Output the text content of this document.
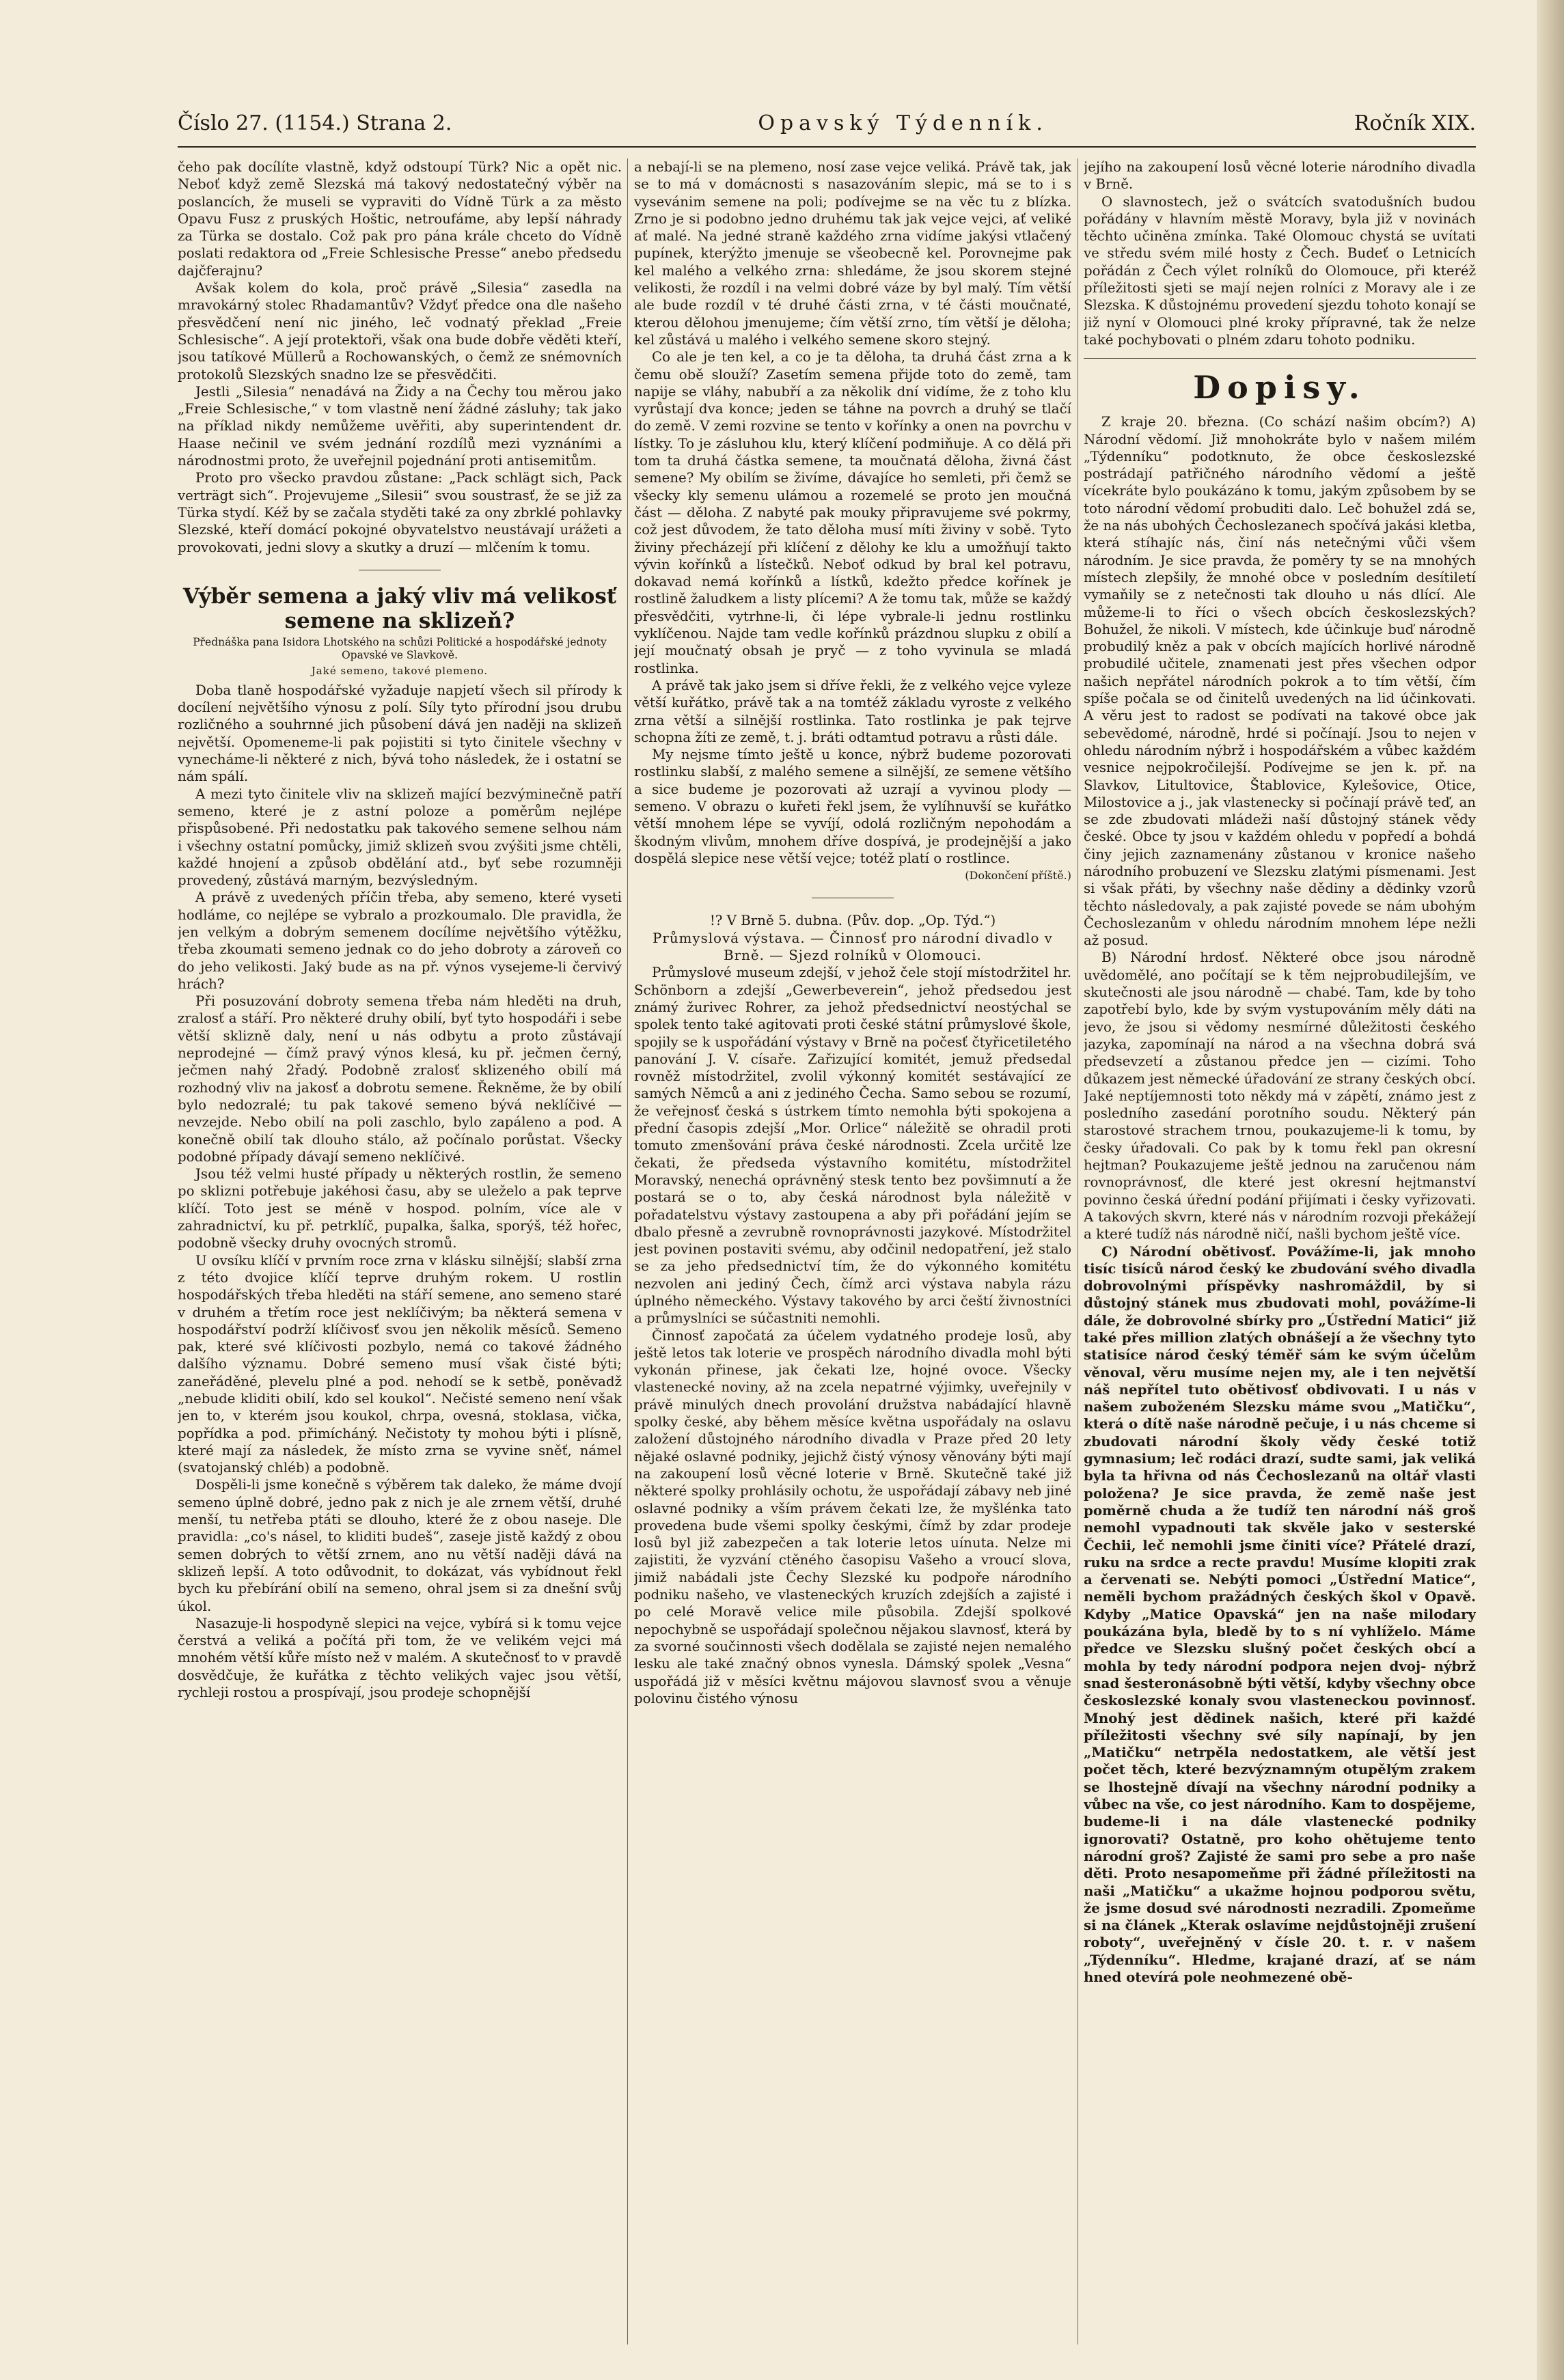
Číslo 27. (1154.) Strana 2.	Opavský Týdenník.	Ročník XIX.

čeho pak docílíte vlastně, když odstoupí Türk? Nic a opět nic. Neboť když země Slezská má takový nedostatečný výběr na poslancích, že museli se vypraviti do Vídně Türk a za město Opavu Fusz z pruských Hoštic, netroufáme, aby lepší náhrady za Türka se dostalo. Což pak pro pána krále chceto do Vídně poslati redaktora od „Freie Schlesische Presse“ anebo předsedu dajčferajnu?

Avšak kolem do kola, proč právě „Silesia“ zasedla na mravokárný stolec Rhadamantův? Vždyť předce ona dle našeho přesvědčení není nic jiného, leč vodnatý překlad „Freie Schlesische“. A její protektoři, však ona bude dobře věděti kteří, jsou tatíkové Müllerů a Rochowanských, o čemž ze snémovních protokolů Slezských snadno lze se přesvědčiti.

Jestli „Silesia“ nenadává na Židy a na Čechy tou měrou jako „Freie Schlesische,“ v tom vlastně není žádné zásluhy; tak jako na příklad nikdy nemůžeme uvěřiti, aby superintendent dr. Haase nečinil ve svém jednání rozdílů mezi vyznáními a národnostmi proto, že uveřejnil pojednání proti antisemitům.

Proto pro všecko pravdou zůstane: „Pack schlägt sich, Pack verträgt sich“. Projevujeme „Silesii“ svou soustrasť, že se již za Türka stydí. Kéž by se začala styděti také za ony zbrklé pohlavky Slezské, kteří domácí pokojné obyvatelstvo neustávají urážeti a provokovati, jedni slovy a skutky a druzí — mlčením k tomu.

Výběr semena a jaký vliv má velikosť semene na sklizeň?
Přednáška pana Isidora Lhotského na schůzi Politické a hospodářské jednoty Opavské ve Slavkově.
Jaké semeno, takové plemeno.

Doba tlaně hospodářské vyžaduje napjetí všech sil přírody k docílení největšího výnosu z polí. Síly tyto přírodní jsou drubu rozličného a souhrnné jich působení dává jen naději na sklizeň největší. Opomeneme-li pak pojistiti si tyto činitele všechny v vynecháme-li některé z nich, bývá toho následek, že i ostatní se nám spálí.

A mezi tyto činitele vliv na sklizeň mající bezvýminečně patří semeno, které je z astní poloze a poměrům nejlépe přispůsobené. Při nedostatku pak takového semene selhou nám i všechny ostatní pomůcky, jimiž sklizeň svou zvýšiti jsme chtěli, každé hnojení a způsob obdělání atd., byť sebe rozumněji provedený, zůstává marným, bezvýsledným.

A právě z uvedených příčin třeba, aby semeno, které vyseti hodláme, co nejlépe se vybralo a prozkoumalo. Dle pravidla, že jen velkým a dobrým semenem docílíme největšího výtěžku, třeba zkoumati semeno jednak co do jeho dobroty a zároveň co do jeho velikosti. Jaký bude as na př. výnos vysejeme-li červivý hrách?

Při posuzování dobroty semena třeba nám hleděti na druh, zralosť a stáří. Pro některé druhy obilí, byť tyto hospodáři i sebe větší sklizně daly, není u nás odbytu a proto zůstávají neprodejné — čímž pravý výnos klesá, ku př. ječmen černý, ječmen nahý 2řadý. Podobně zralosť sklizeného obilí má rozhodný vliv na jakosť a dobrotu semene. Řekněme, že by obilí bylo nedozralé; tu pak takové semeno bývá neklíčivé — nevzejde. Nebo obilí na poli zaschlo, bylo zapáleno a pod. A konečně obilí tak dlouho stálo, až počínalo porůstat. Všecky podobné případy dávají semeno neklíčivé.

Jsou též velmi husté případy u některých rostlin, že semeno po sklizni potřebuje jakéhosi času, aby se uleželo a pak teprve klíčí. Toto jest se méně v hospod. polním, více ale v zahradnictví, ku př. petrklíč, pupalka, šalka, sporýš, též hořec, podobně všecky druhy ovocných stromů.

U ovsíku klíčí v prvním roce zrna v klásku silnější; slabší zrna z této dvojice klíčí teprve druhým rokem. U rostlin hospodářských třeba hleděti na stáří semene, ano semeno staré v druhém a třetím roce jest neklíčivým; ba některá semena v hospodářství podrží klíčivosť svou jen několik měsíců. Semeno pak, které své klíčivosti pozbylo, nemá co takové žádného dalšího významu. Dobré semeno musí však čisté býti; zaneřáděné, plevelu plné a pod. nehodí se k setbě, poněvadž „nebude kliditi obilí, kdo sel koukol“. Nečisté semeno není však jen to, v kterém jsou koukol, chrpa, ovesná, stoklasa, vička, popřídka a pod. přimícháný. Nečistoty ty mohou býti i plísně, které mají za následek, že místo zrna se vyvine sněť, námel (svatojanský chléb) a podobně.

Dospěli-li jsme konečně s výběrem tak daleko, že máme dvojí semeno úplně dobré, jedno pak z nich je ale zrnem větší, druhé menší, tu netřeba ptáti se dlouho, které že z obou naseje. Dle pravidla: „co's násel, to kliditi budeš“, zaseje jistě každý z obou semen dobrých to větší zrnem, ano nu větší naději dává na sklizeň lepší. A toto odůvodnit, to dokázat, vás vybídnout řekl bych ku přebírání obilí na semeno, ohral jsem si za dnešní svůj úkol.

Nasazuje-li hospodyně slepici na vejce, vybírá si k tomu vejce čerstvá a veliká a počítá při tom, že ve velikém vejci má mnohém větší kůře místo než v malém. A skutečnosť to v pravdě dosvědčuje, že kuřátka z těchto velikých vajec jsou větší, rychleji rostou a prospívají, jsou prodeje schopnější

a nebají-li se na plemeno, nosí zase vejce veliká. Právě tak, jak se to má v domácnosti s nasazováním slepic, má se to i s vysevánim semene na poli; podívejme se na věc tu z blízka. Zrno je si podobno jedno druhému tak jak vejce vejci, ať veliké ať malé. Na jedné straně každého zrna vidíme jakýsi vtlačený pupínek, kterýžto jmenuje se všeobecně kel. Porovnejme pak kel malého a velkého zrna: shledáme, že jsou skorem stejné velikosti, že rozdíl i na velmi dobré váze by byl malý. Tím větší ale bude rozdíl v té druhé části zrna, v té části moučnaté, kterou dělohou jmenujeme; čím větší zrno, tím větší je děloha; kel zůstává u malého i velkého semene skoro stejný.

Co ale je ten kel, a co je ta děloha, ta druhá část zrna a k čemu obě slouží? Zasetím semena přijde toto do země, tam napije se vláhy, nabubří a za několik dní vidíme, že z toho klu vyrůstají dva konce; jeden se táhne na povrch a druhý se tlačí do země. V zemi rozvine se tento v kořínky a onen na povrchu v lístky. To je zásluhou klu, který klíčení podmiňuje. A co dělá při tom ta druhá částka semene, ta moučnatá děloha, živná část semene? My obilím se živíme, dávajíce ho semleti, při čemž se všecky kly semenu ulámou a rozemelé se proto jen moučná část — děloha. Z nabyté pak mouky připravujeme své pokrmy, což jest důvodem, že tato děloha musí míti živiny v sobě. Tyto živiny přecházejí při klíčení z dělohy ke klu a umožňují takto vývin kořínků a lístečků. Neboť odkud by bral kel potravu, dokavad nemá kořínků a lístků, kdežto předce kořínek je rostlině žaludkem a listy plícemi? A že tomu tak, může se každý přesvědčiti, vytrhne-li, či lépe vybrale-li jednu rostlinku vyklíčenou. Najde tam vedle kořínků prázdnou slupku z obilí a její moučnatý obsah je pryč — z toho vyvinula se mladá rostlinka.

A právě tak jako jsem si dříve řekli, že z velkého vejce vyleze větší kuřátko, právě tak a na tomtéž základu vyroste z velkého zrna větší a silnější rostlinka. Tato rostlinka je pak tejrve schopna žíti ze země, t. j. bráti odtamtud potravu a růsti dále.

My nejsme tímto ještě u konce, nýbrž budeme pozorovati rostlinku slabší, z malého semene a silnější, ze semene většího a sice budeme je pozorovati až uzrají a vyvinou plody — semeno. V obrazu o kuřeti řekl jsem, že vylíhnuvší se kuřátko větší mnohem lépe se vyvíjí, odolá rozličným nepohodám a škodným vlivům, mnohem dříve dospívá, je prodejnější a jako dospělá slepice nese větší vejce; totéž platí o rostlince.

(Dokončení příště.)

!? V Brně 5. dubna. (Pův. dop. „Op. Týd.“)

Průmyslová výstava. — Činnosť pro národní divadlo v Brně. — Sjezd rolníků v Olomouci.

Průmyslové museum zdejší, v jehož čele stojí místodržitel hr. Schönborn a zdejší „Gewerbeverein“, jehož předsedou jest známý žurivec Rohrer, za jehož předsednictví neostýchal se spolek tento také agitovati proti české státní průmyslové škole, spojily se k uspořádání výstavy v Brně na počesť čtyřicetiletého panování J. V. císaře. Zařizující komitét, jemuž předsedal rovněž místodržitel, zvolil výkonný komitét sestávající ze samých Němců a ani z jediného Čecha. Samo sebou se rozumí, že veřejnosť česká s ústrkem tímto nemohla býti spokojena a přední časopis zdejší „Mor. Orlice“ náležitě se ohradil proti tomuto zmenšování práva české národnosti. Zcela určitě lze čekati, že předseda výstavního komitétu, místodržitel Moravský, nenechá oprávněný stesk tento bez povšimnutí a že postará se o to, aby česká národnost byla náležitě v pořadatelstvu výstavy zastoupena a aby při pořádání jejím se dbalo přesně a zevrubně rovnoprávnosti jazykové. Místodržitel jest povinen postaviti svému, aby odčinil nedopatření, jež stalo se za jeho předsednictví tím, že do výkonného komitétu nezvolen ani jediný Čech, čímž arci výstava nabyla rázu úplného německého. Výstavy takového by arci čeští živnostníci a průmyslníci se súčastniti nemohli.

Činnosť započatá za účelem vydatného prodeje losů, aby ještě letos tak loterie ve prospěch národního divadla mohl býti vykonán přinese, jak čekati lze, hojné ovoce. Všecky vlastenecké noviny, až na zcela nepatrné výjimky, uveřejnily v právě minulých dnech provolání družstva nabádající hlavně spolky české, aby během měsíce května uspořádaly na oslavu založení důstojného národního divadla v Praze před 20 lety nějaké oslavné podniky, jejichž čistý výnosy věnovány býti mají na zakoupení losů věcné loterie v Brně. Skutečně také již některé spolky prohlásily ochotu, že uspořádají zábavy neb jiné oslavné podniky a vším právem čekati lze, že myšlénka tato provedena bude všemi spolky českými, čímž by zdar prodeje losů byl již zabezpečen a tak loterie letos uínuta. Nelze mi zajistiti, že vyzvání ctěného časopisu Vašeho a vroucí slova, jimiž nabádali jste Čechy Slezské ku podpoře národního podniku našeho, ve vlasteneckých kruzích zdejších a zajisté i po celé Moravě velice mile působila. Zdejší spolkové nepochybně se uspořádají společnou nějakou slavnosť, která by za svorné součinnosti všech dodělala se zajisté nejen nemalého lesku ale také značný obnos vynesla. Dámský spolek „Vesna“ uspořádá již v měsíci květnu májovou slavnosť svou a věnuje polovinu čistého výnosu

jejího na zakoupení losů věcné loterie národního divadla v Brně.

O slavnostech, jež o svátcích svatodušních budou pořádány v hlavním městě Moravy, byla již v novinách těchto učiněna zmínka. Také Olomouc chystá se uvítati ve středu svém milé hosty z Čech. Budeť o Letnicích pořádán z Čech výlet rolníků do Olomouce, při kteréž příležitosti sjeti se mají nejen rolníci z Moravy ale i ze Slezska. K důstojnému provedení sjezdu tohoto konají se již nyní v Olomouci plné kroky přípravné, tak že nelze také pochybovati o plném zdaru tohoto podniku.

Dopisy.

Z kraje 20. března. (Co schází našim obcím?) A) Národní vědomí. Již mnohokráte bylo v našem milém „Týdenníku“ podotknuto, že obce českoslezské postrádají patřičného národního vědomí a ještě vícekráte bylo poukázáno k tomu, jakým způsobem by se toto národní vědomí probuditi dalo. Leč bohužel zdá se, že na nás ubohých Čechoslezanech spočívá jakási kletba, která stíhajíc nás, činí nás netečnými vůči všem národním. Je sice pravda, že poměry ty se na mnohých místech zlepšily, že mnohé obce v posledním desítiletí vymaňily se z netečnosti tak dlouho u nás dlící. Ale můžeme-li to říci o všech obcích českoslezských? Bohužel, že nikoli. V místech, kde účinkuje buď národně probudilý kněz a pak v obcích majících horlivé národně probudilé učitele, znamenati jest přes všechen odpor našich nepřátel národních pokrok a to tím větší, čím spíše počala se od činitelů uvedených na lid účinkovati. A věru jest to radost se podívati na takové obce jak sebevědomé, národně, hrdé si počínají. Jsou to nejen v ohledu národním nýbrž i hospodářském a vůbec každém vesnice nejpokročilejší. Podívejme se jen k. př. na Slavkov, Litultovice, Štablovice, Kylešovice, Otice, Milostovice a j., jak vlastenecky si počínají právě teď, an se zde zbudovati mládeži naší důstojný stánek vědy české. Obce ty jsou v každém ohledu v popředí a bohdá činy jejich zaznamenány zůstanou v kronice našeho národního probuzení ve Slezsku zlatými písmenami. Jest si však přáti, by všechny naše dědiny a dědinky vzorů těchto následovaly, a pak zajisté povede se nám ubohým Čechoslezanům v ohledu národním mnohem lépe nežli až posud.

B) Národní hrdosť. Některé obce jsou národně uvědomělé, ano počítají se k těm nejprobudilejším, ve skutečnosti ale jsou národně — chabé. Tam, kde by toho zapotřebí bylo, kde by svým vystupováním měly dáti na jevo, že jsou si vědomy nesmírné důležitosti českého jazyka, zapomínají na národ a na všechna dobrá svá předsevzetí a zůstanou předce jen — cizími. Toho důkazem jest německé úřadování ze strany českých obcí. Jaké neptíjemnosti toto někdy má v zápětí, známo jest z posledního zasedání porotního soudu. Některý pán starostové strachem trnou, poukazujeme-li k tomu, by česky úřadovali. Co pak by k tomu řekl pan okresní hejtman? Poukazujeme ještě jednou na zaručenou nám rovnoprávnosť, dle které jest okresní hejtmanství povinno česká úřední podání přijímati i česky vyřizovati. A takových skvrn, které nás v národním rozvoji překážejí a které tudíž nás národně ničí, našli bychom ještě více.

C) Národní obětivosť. Povážíme-li, jak mnoho tisíc tisíců národ český ke zbudování svého divadla dobrovolnými příspěvky nashromáždil, by si důstojný stánek mus zbudovati mohl, povážíme-li dále, že dobrovolné sbírky pro „Ústřední Matici“ již také přes million zlatých obnášejí a že všechny tyto statisíce národ český téměř sám ke svým účelům věnoval, věru musíme nejen my, ale i ten největší náš nepřítel tuto obětivosť obdivovati. I u nás v našem zuboženém Slezsku máme svou „Matičku“, která o dítě naše národně pečuje, i u nás chceme si zbudovati národní školy vědy české totiž gymnasium; leč rodáci drazí, sudte sami, jak veliká byla ta hřivna od nás Čechoslezanů na oltář vlasti položena? Je sice pravda, že země naše jest poměrně chuda a že tudíž ten národní náš groš nemohl vypadnouti tak skvěle jako v sesterské Čechii, leč nemohli jsme činiti více? Přátelé drazí, ruku na srdce a recte pravdu! Musíme klopiti zrak a červenati se. Nebýti pomoci „Ústřední Matice“, neměli bychom pražádných českých škol v Opavě. Kdyby „Matice Opavská“ jen na naše milodary poukázána byla, bledě by to s ní vyhlíželo. Máme předce ve Slezsku slušný počet českých obcí a mohla by tedy národní podpora nejen dvoj- nýbrž snad šesteronásobně býti větší, kdyby všechny obce českoslezské konaly svou vlasteneckou povinnosť. Mnohý jest dědinek našich, které při každé příležitosti všechny své síly napínají, by jen „Matičku“ netrpěla nedostatkem, ale větší jest počet těch, které bezvýznamným otupělým zrakem se lhostejně dívají na všechny národní podniky a vůbec na vše, co jest národního. Kam to dospějeme, budeme-li i na dále vlastenecké podniky ignorovati? Ostatně, pro koho ohětujeme tento národní groš? Zajisté že sami pro sebe a pro naše děti. Proto nesapomeňme při žádné příležitosti na naši „Matičku“ a ukažme hojnou podporou světu, že jsme dosud své národnosti nezradili. Zpomeňme si na článek „Kterak oslavíme nejdůstojněji zrušení roboty“, uveřejněný v čísle 20. t. r. v našem „Týdenníku“. Hledme, krajané drazí, ať se nám hned otevírá pole neohmezené obě-
